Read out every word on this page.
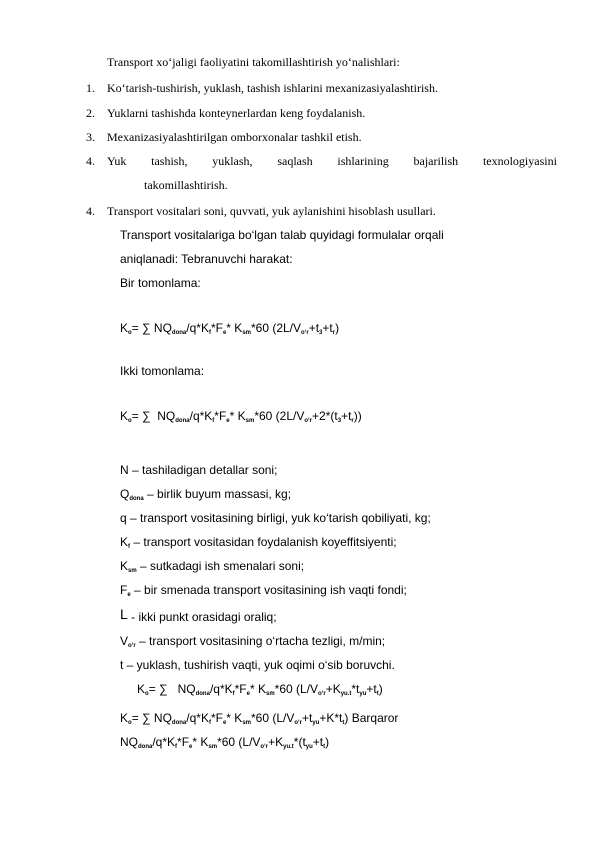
Transport xo‘jaligi faoliyatini takomillashtirish yo‘nalishlari:
1. Ko‘tarish-tushirish, yuklash, tashish ishlarini mexanizasiyalashtirish.
2. Yuklarni tashishda konteynerlardan keng foydalanish.
3. Mexanizasiyalashtirilgan omborxonalar tashkil etish.
4. Yuk tashish, yuklash, saqlash ishlarining bajarilish texnologiyasini
takomillashtirish.
4. Transport vositalari soni, quvvati, yuk aylanishini hisoblash usullari.
Transport vositalariga bo‘lgan talab quyidagi formulalar orqali
aniqlanadi: Tebranuvchi harakat:
Bir tomonlama:
$K_o=$ ∑ $NQ_{dona}/q*K_f*F_e*$ $K_{sm}*60$ $(2L/V_{o‘r}+t_3+t_r)$
Ikki tomonlama:
$K_o=$ ∑  $NQ_{dona}/q*K_f*F_e*$ $K_{sm}*60$ $(2L/V_{o‘r}+2*(t_3+t_r))$
N – tashiladigan detallar soni;
$Q_{dona}$ – birlik buyum massasi, kg;
q – transport vositasining birligi, yuk ko‘tarish qobiliyati, kg;
$K_f$ – transport vositasidan foydalanish koyeffitsiyenti;
$K_{sm}$ – sutkadagi ish smenalari soni;
$F_e$ – bir smenada transport vositasining ish vaqti fondi;
L - ikki punkt orasidagi oraliq;
$V_{o‘r}$ – transport vositasining o‘rtacha tezligi, m/min;
t – yuklash, tushirish vaqti, yuk oqimi o‘sib boruvchi.
$K_o=$ ∑   $NQ_{dona}/q*K_f*F_e*$ $K_{sm}*60$ $(L/V_{o‘r}+K_{yu.t}*t_{yu}+t_t)$
$K_o=$ ∑ $NQ_{dona}/q*K_f*F_e*$ $K_{sm}*60$ $(L/V_{o‘r}+t_{yu}+K*t_t)$ Barqaror
$NQ_{dona}/q*K_f*F_e*$ $K_{sm}*60$ ($L/V_{o‘r}+K_{yu.t}*(t_{yu}+t_t)$
